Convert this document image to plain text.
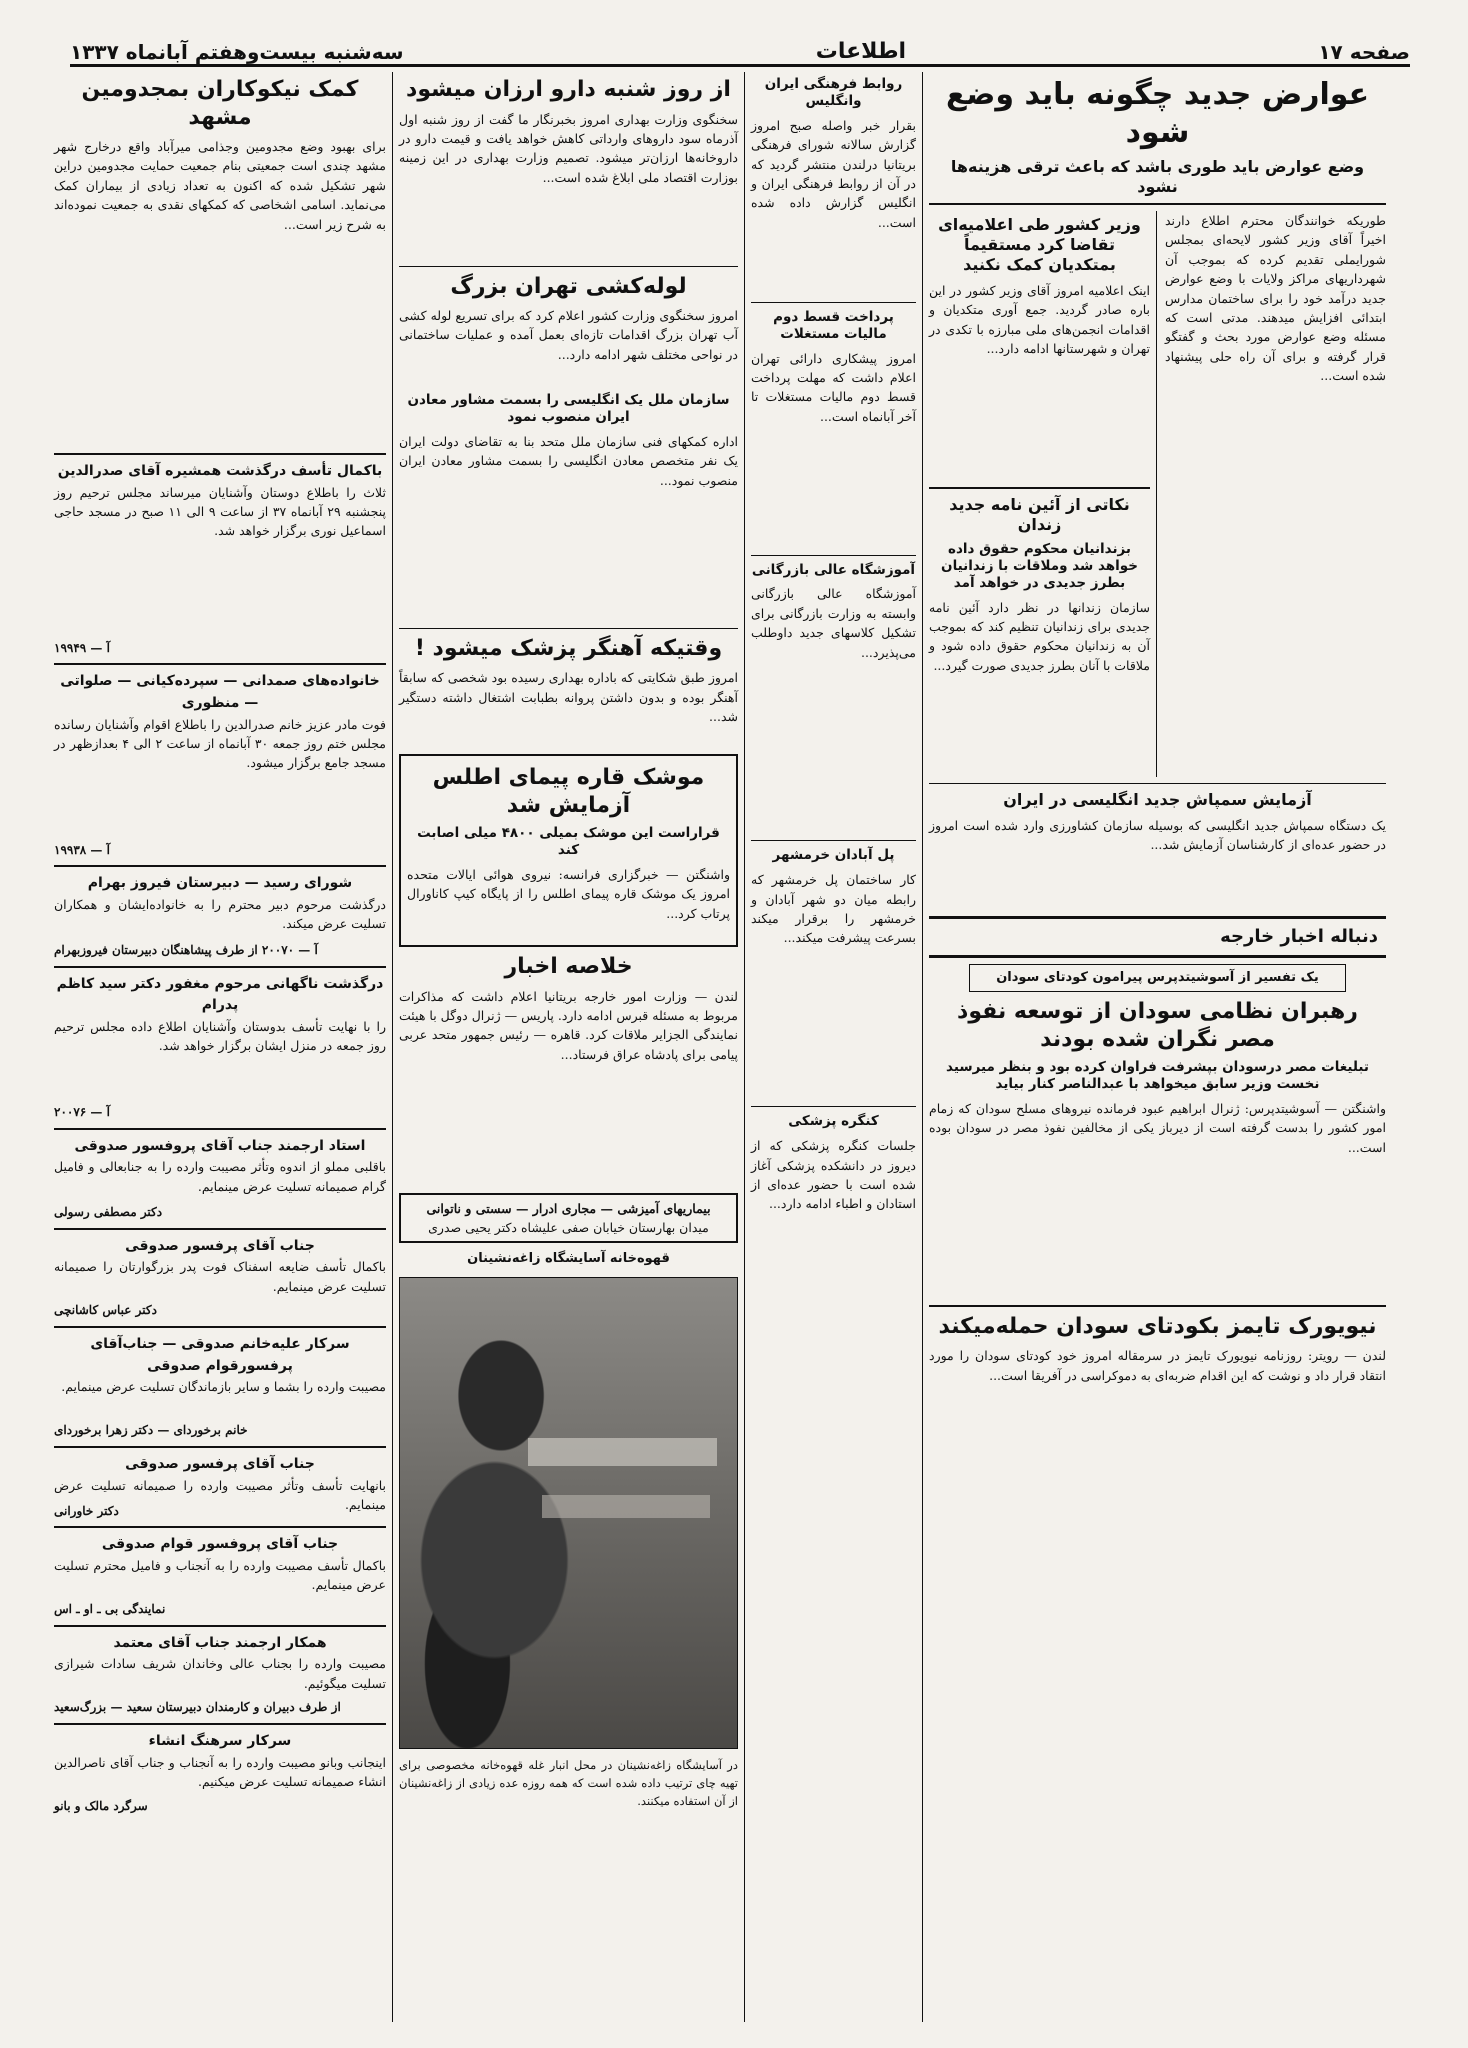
صفحه ۱۷
اطلاعات
سه‌شنبه بیست‌وهفتم آبانماه ۱۳۳۷
عوارض جدید چگونه باید وضع شود
وضع عوارض باید طوری باشد که باعث ترقی هزینه‌ها نشود

طوریکه خوانندگان محترم اطلاع دارند اخیراً آقای وزیر کشور لایحه‌ای بمجلس شورایملی تقدیم کرده که بموجب آن شهرداریهای مراکز ولایات با وضع عوارض جدید درآمد خود را برای ساختمان مدارس ابتدائی افزایش میدهند. مدتی است که مسئله وضع عوارض مورد بحث و گفتگو قرار گرفته و برای آن راه حلی پیشنهاد شده است...

وزیر کشور طی اعلامیه‌ای تقاضا کرد مستقیماً بمتکدیان کمک نکنید

اینک اعلامیه امروز آقای وزیر کشور در این باره صادر گردید. جمع آوری متکدیان و اقدامات انجمن‌های ملی مبارزه با تکدی در تهران و شهرستانها ادامه دارد...

نکاتی از آئین نامه جدید زندان
بزندانیان محکوم حقوق داده خواهد شد وملاقات با زندانیان بطرز جدیدی در خواهد آمد

سازمان زندانها در نظر دارد آئین نامه جدیدی برای زندانیان تنظیم کند که بموجب آن به زندانیان محکوم حقوق داده شود و ملاقات با آنان بطرز جدیدی صورت گیرد...

آزمایش سمپاش جدید انگلیسی در ایران

یک دستگاه سمپاش جدید انگلیسی که بوسیله سازمان کشاورزی وارد شده است امروز در حضور عده‌ای از کارشناسان آزمایش شد...

دنباله اخبار خارجه
یک تفسیر از آسوشیتدپرس پیرامون کودتای سودان
رهبران نظامی سودان از توسعه نفوذ مصر نگران شده بودند
تبلیغات مصر درسودان بپشرفت فراوان کرده بود و بنظر میرسید نخست وزیر سابق میخواهد با عبدالناصر کنار بیاید

واشنگتن — آسوشیتدپرس: ژنرال ابراهیم عبود فرمانده نیروهای مسلح سودان که زمام امور کشور را بدست گرفته است از دیرباز یکی از مخالفین نفوذ مصر در سودان بوده است...

نیویورک تایمز بکودتای سودان حمله‌میکند

لندن — رویتر: روزنامه نیویورک تایمز در سرمقاله امروز خود کودتای سودان را مورد انتقاد قرار داد و نوشت که این اقدام ضربه‌ای به دموکراسی در آفریقا است...

روابط فرهنگی ایران وانگلیس

بقرار خبر واصله صبح امروز گزارش سالانه شورای فرهنگی بریتانیا درلندن منتشر گردید که در آن از روابط فرهنگی ایران و انگلیس گزارش داده شده است...

پرداخت قسط دوم مالیات مستغلات

امروز پیشکاری دارائی تهران اعلام داشت که مهلت پرداخت قسط دوم مالیات مستغلات تا آخر آبانماه است...

آموزشگاه عالی بازرگانی

آموزشگاه عالی بازرگانی وابسته به وزارت بازرگانی برای تشکیل کلاسهای جدید داوطلب می‌پذیرد...

پل آبادان خرمشهر

کار ساختمان پل خرمشهر که رابطه میان دو شهر آبادان و خرمشهر را برقرار میکند بسرعت پیشرفت میکند...

کنگره پزشکی

جلسات کنگره پزشکی که از دیروز در دانشکده پزشکی آغاز شده است با حضور عده‌ای از استادان و اطباء ادامه دارد...

از روز شنبه دارو ارزان میشود

سخنگوی وزارت بهداری امروز بخبرنگار ما گفت از روز شنبه اول آذرماه سود داروهای وارداتی کاهش خواهد یافت و قیمت دارو در داروخانه‌ها ارزان‌تر میشود. تصمیم وزارت بهداری در این زمینه بوزارت اقتصاد ملی ابلاغ شده است...

لوله‌کشی تهران بزرگ

امروز سخنگوی وزارت کشور اعلام کرد که برای تسریع لوله کشی آب تهران بزرگ اقدامات تازه‌ای بعمل آمده و عملیات ساختمانی در نواحی مختلف شهر ادامه دارد...

سازمان ملل یک انگلیسی را بسمت مشاور معادن ایران منصوب نمود

اداره کمکهای فنی سازمان ملل متحد بنا به تقاضای دولت ایران یک نفر متخصص معادن انگلیسی را بسمت مشاور معادن ایران منصوب نمود...

وقتیکه آهنگر پزشک میشود !

امروز طبق شکایتی که باداره بهداری رسیده بود شخصی که سابقاً آهنگر بوده و بدون داشتن پروانه بطبابت اشتغال داشته دستگیر شد...

موشک قاره پیمای اطلس آزمایش شد
قراراست این موشک بمیلی ۴۸۰۰ میلی اصابت کند

واشنگتن — خبرگزاری فرانسه: نیروی هوائی ایالات متحده امروز یک موشک قاره پیمای اطلس را از پایگاه کیپ کاناورال پرتاب کرد...

خلاصه اخبار

لندن — وزارت امور خارجه بریتانیا اعلام داشت که مذاکرات مربوط به مسئله قبرس ادامه دارد. پاریس — ژنرال دوگل با هیئت نمایندگی الجزایر ملاقات کرد. قاهره — رئیس جمهور متحد عربی پیامی برای پادشاه عراق فرستاد...

بیماریهای آمیزشی — مجاری ادرار — سستی و ناتوانی
میدان بهارستان خیابان صفی علیشاه دکتر یحیی صدری
قهوه‌خانه آسایشگاه زاغه‌نشینان

در آسایشگاه زاغه‌نشینان در محل انبار غله قهوه‌خانه مخصوصی برای تهیه چای ترتیب داده شده است که همه روزه عده زیادی از زاغه‌نشینان از آن استفاده میکنند.

کمک نیکوکاران بمجدومین مشهد

برای بهبود وضع مجدومین وجذامی میرآباد واقع درخارج شهر مشهد چندی است جمعیتی بنام جمعیت حمایت مجدومین دراین شهر تشکیل شده که اکنون به تعداد زیادی از بیماران کمک می‌نماید. اسامی اشخاصی که کمکهای نقدی به جمعیت نموده‌اند به شرح زیر است...

باکمال تأسف درگذشت همشیره آقای صدرالدین

ثلاث را باطلاع دوستان وآشنایان میرساند مجلس ترحیم روز پنجشنبه ۲۹ آبانماه ۳۷ از ساعت ۹ الی ۱۱ صبح در مسجد حاجی اسماعیل نوری برگزار خواهد شد.

آ — ۱۹۹۴۹
خانواده‌های صمدانی — سپرده‌کیانی — صلواتی — منظوری

فوت مادر عزیز خانم صدرالدین را باطلاع اقوام وآشنایان رسانده مجلس ختم روز جمعه ۳۰ آبانماه از ساعت ۲ الی ۴ بعدازظهر در مسجد جامع برگزار میشود.

آ — ۱۹۹۳۸
شورای رسید — دبیرستان فیروز بهرام

درگذشت مرحوم دبیر محترم را به خانواده‌ایشان و همکاران تسلیت عرض میکند.

آ — ۲۰۰۷۰ از طرف پیشاهنگان دبیرستان فیروزبهرام
درگذشت ناگهانی مرحوم مغفور دکتر سید کاظم پدرام

را با نهایت تأسف بدوستان وآشنایان اطلاع داده مجلس ترحیم روز جمعه در منزل ایشان برگزار خواهد شد.

آ — ۲۰۰۷۶
استاد ارجمند جناب آقای پروفسور صدوقی

باقلبی مملو از اندوه وتأثر مصیبت وارده را به جنابعالی و فامیل گرام صمیمانه تسلیت عرض مینمایم.

دکتر مصطفی رسولی
جناب آقای پرفسور صدوقی

باکمال تأسف ضایعه اسفناک فوت پدر بزرگوارتان را صمیمانه تسلیت عرض مینمایم.

دکتر عباس کاشانچی
سرکار علیه‌خانم صدوقی — جناب‌آقای پرفسورقوام صدوقی

مصیبت وارده را بشما و سایر بازماندگان تسلیت عرض مینمایم.

خانم برخوردای — دکتر زهرا برخوردای
جناب آقای پرفسور صدوقی

بانهایت تأسف وتأثر مصیبت وارده را صمیمانه تسلیت عرض مینمایم.

دکتر خاورانی
جناب آقای پروفسور قوام صدوقی

باکمال تأسف مصیبت وارده را به آنجناب و فامیل محترم تسلیت عرض مینمایم.

نمایندگی بی ـ او ـ اس
همکار ارجمند جناب آقای معتمد

مصیبت وارده را بجناب عالی وخاندان شریف سادات شیرازی تسلیت میگوئیم.

از طرف دبیران و کارمندان دبیرستان سعید — بزرگ‌سعید
سرکار سرهنگ انشاء

اینجانب وبانو مصیبت وارده را به آنجناب و جناب آقای ناصرالدین انشاء صمیمانه تسلیت عرض میکنیم.

سرگرد مالک و بانو
